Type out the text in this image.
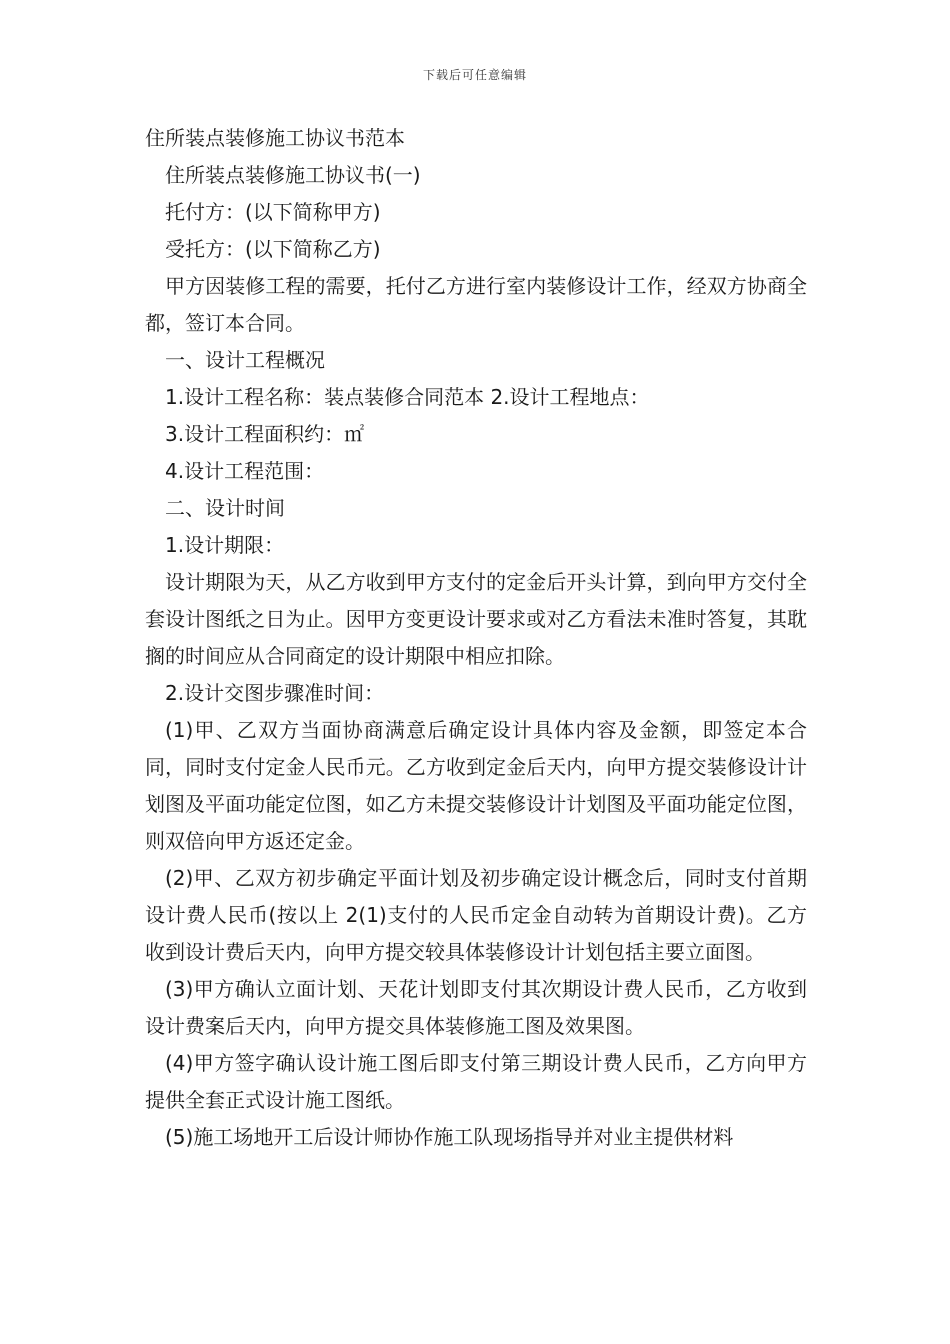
下载后可任意编辑

住所装点装修施工协议书范本

住所装点装修施工协议书(一)

托付方：(以下简称甲方)

受托方：(以下简称乙方)

甲方因装修工程的需要，托付乙方进行室内装修设计工作，经双方协商全都，签订本合同。

一、设计工程概况

1.设计工程名称：装点装修合同范本 2.设计工程地点：

3.设计工程面积约：㎡

4.设计工程范围：

二、设计时间

1.设计期限：

设计期限为天，从乙方收到甲方支付的定金后开头计算，到向甲方交付全套设计图纸之日为止。因甲方变更设计要求或对乙方看法未准时答复，其耽搁的时间应从合同商定的设计期限中相应扣除。

2.设计交图步骤准时间：

(1)甲、乙双方当面协商满意后确定设计具体内容及金额，即签定本合同，同时支付定金人民币元。乙方收到定金后天内，向甲方提交装修设计计划图及平面功能定位图，如乙方未提交装修设计计划图及平面功能定位图，则双倍向甲方返还定金。

(2)甲、乙双方初步确定平面计划及初步确定设计概念后，同时支付首期设计费人民币(按以上 2(1)支付的人民币定金自动转为首期设计费)。乙方收到设计费后天内，向甲方提交较具体装修设计计划包括主要立面图。

(3)甲方确认立面计划、天花计划即支付其次期设计费人民币，乙方收到设计费案后天内，向甲方提交具体装修施工图及效果图。

(4)甲方签字确认设计施工图后即支付第三期设计费人民币，乙方向甲方提供全套正式设计施工图纸。

(5)施工场地开工后设计师协作施工队现场指导并对业主提供材料
